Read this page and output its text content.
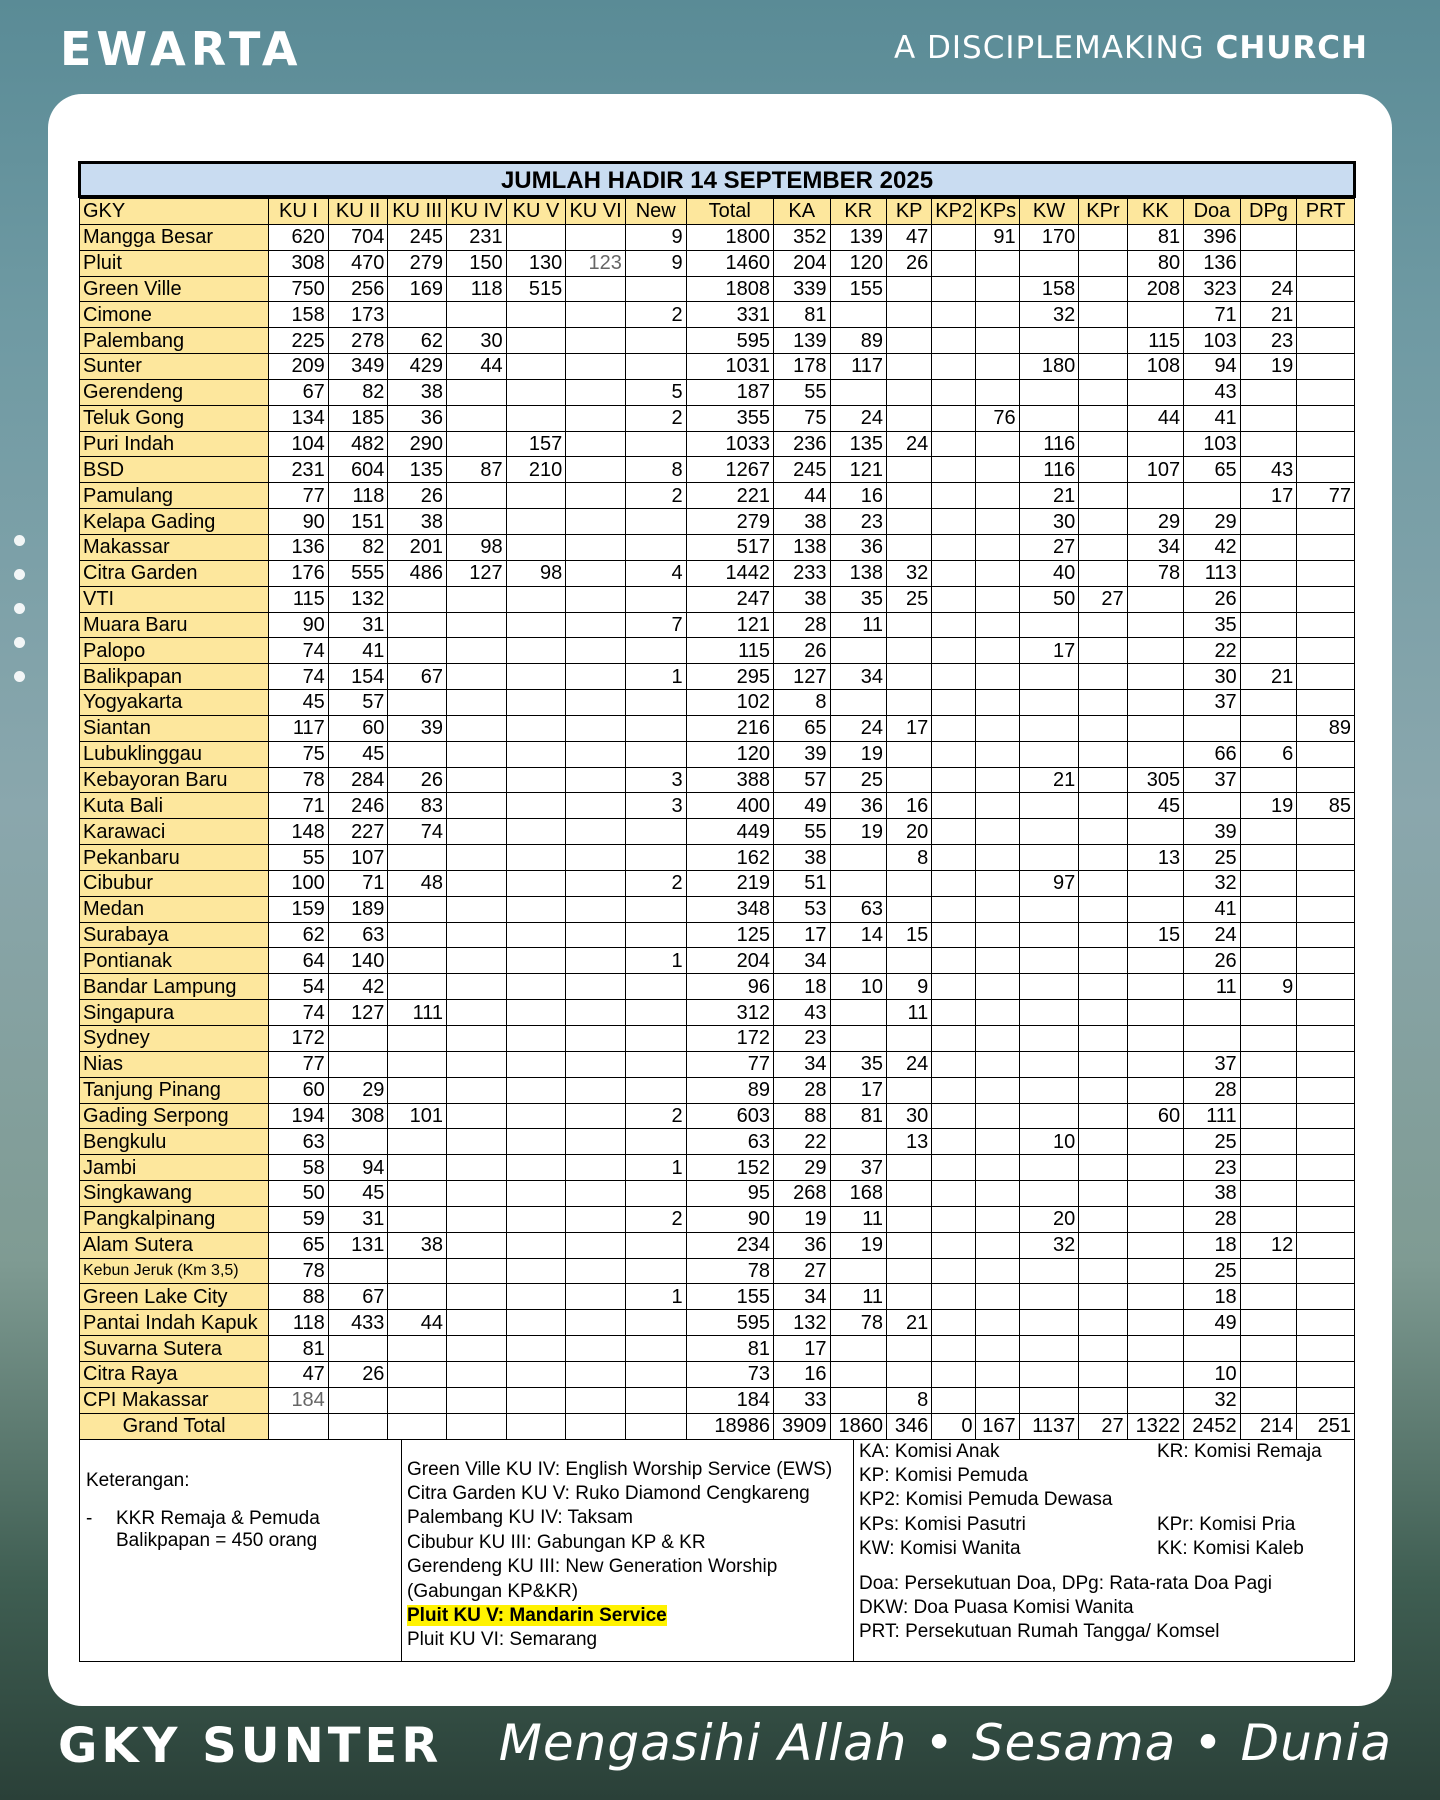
EWARTA	A DISCIPLEMAKING CHURCH
JUMLAH HADIR 14 SEPTEMBER 2025
GKY	KU I	KU II	KU III	KU IV	KU V	KU VI	New	Total	KA	KR	KP	KP2	KPs	KW	KPr	KK	Doa	DPg	PRT
Mangga Besar	620	704	245	231			9	1800	352	139	47		91	170		81	396		
Pluit	308	470	279	150	130	123	9	1460	204	120	26					80	136		
Green Ville	750	256	169	118	515			1808	339	155				158		208	323	24	
Cimone	158	173					2	331	81					32			71	21	
Palembang	225	278	62	30				595	139	89						115	103	23	
Sunter	209	349	429	44				1031	178	117				180		108	94	19	
Gerendeng	67	82	38				5	187	55								43		
Teluk Gong	134	185	36				2	355	75	24			76			44	41		
Puri Indah	104	482	290		157			1033	236	135	24			116			103		
BSD	231	604	135	87	210		8	1267	245	121				116		107	65	43	
Pamulang	77	118	26				2	221	44	16				21				17	77
Kelapa Gading	90	151	38					279	38	23				30		29	29		
Makassar	136	82	201	98				517	138	36				27		34	42		
Citra Garden	176	555	486	127	98		4	1442	233	138	32			40		78	113		
VTI	115	132						247	38	35	25			50	27		26		
Muara Baru	90	31					7	121	28	11							35		
Palopo	74	41						115	26					17			22		
Balikpapan	74	154	67				1	295	127	34							30	21	
Yogyakarta	45	57						102	8								37		
Siantan	117	60	39					216	65	24	17								89
Lubuklinggau	75	45						120	39	19							66	6	
Kebayoran Baru	78	284	26				3	388	57	25				21		305	37		
Kuta Bali	71	246	83				3	400	49	36	16					45		19	85
Karawaci	148	227	74					449	55	19	20						39		
Pekanbaru	55	107						162	38		8					13	25		
Cibubur	100	71	48				2	219	51					97			32		
Medan	159	189						348	53	63							41		
Surabaya	62	63						125	17	14	15					15	24		
Pontianak	64	140					1	204	34								26		
Bandar Lampung	54	42						96	18	10	9						11	9	
Singapura	74	127	111					312	43		11								
Sydney	172							172	23										
Nias	77							77	34	35	24						37		
Tanjung Pinang	60	29						89	28	17							28		
Gading Serpong	194	308	101				2	603	88	81	30					60	111		
Bengkulu	63							63	22		13			10			25		
Jambi	58	94					1	152	29	37							23		
Singkawang	50	45						95	268	168							38		
Pangkalpinang	59	31					2	90	19	11				20			28		
Alam Sutera	65	131	38					234	36	19				32			18	12	
Kebun Jeruk (Km 3,5)	78							78	27								25		
Green Lake City	88	67					1	155	34	11							18		
Pantai Indah Kapuk	118	433	44					595	132	78	21						49		
Suvarna Sutera	81							81	17										
Citra Raya	47	26						73	16								10		
CPI Makassar	184							184	33		8						32		
Grand Total								18986	3909	1860	346	0	167	1137	27	1322	2452	214	251
Keterangan:
-	KKR Remaja & Pemuda
Balikpapan = 450 orang
Green Ville KU IV: English Worship Service (EWS)
Citra Garden KU V: Ruko Diamond Cengkareng
Palembang KU IV: Taksam
Cibubur KU III: Gabungan KP & KR
Gerendeng KU III: New Generation Worship
(Gabungan KP&KR)
Pluit KU V: Mandarin Service
Pluit KU VI: Semarang
KA: Komisi Anak	KR: Komisi Remaja
KP: Komisi Pemuda
KP2: Komisi Pemuda Dewasa
KPs: Komisi Pasutri	KPr: Komisi Pria
KW: Komisi Wanita	KK: Komisi Kaleb
Doa: Persekutuan Doa, DPg: Rata-rata Doa Pagi
DKW: Doa Puasa Komisi Wanita
PRT: Persekutuan Rumah Tangga/ Komsel
GKY SUNTER Mengasihi Allah • Sesama • Dunia
